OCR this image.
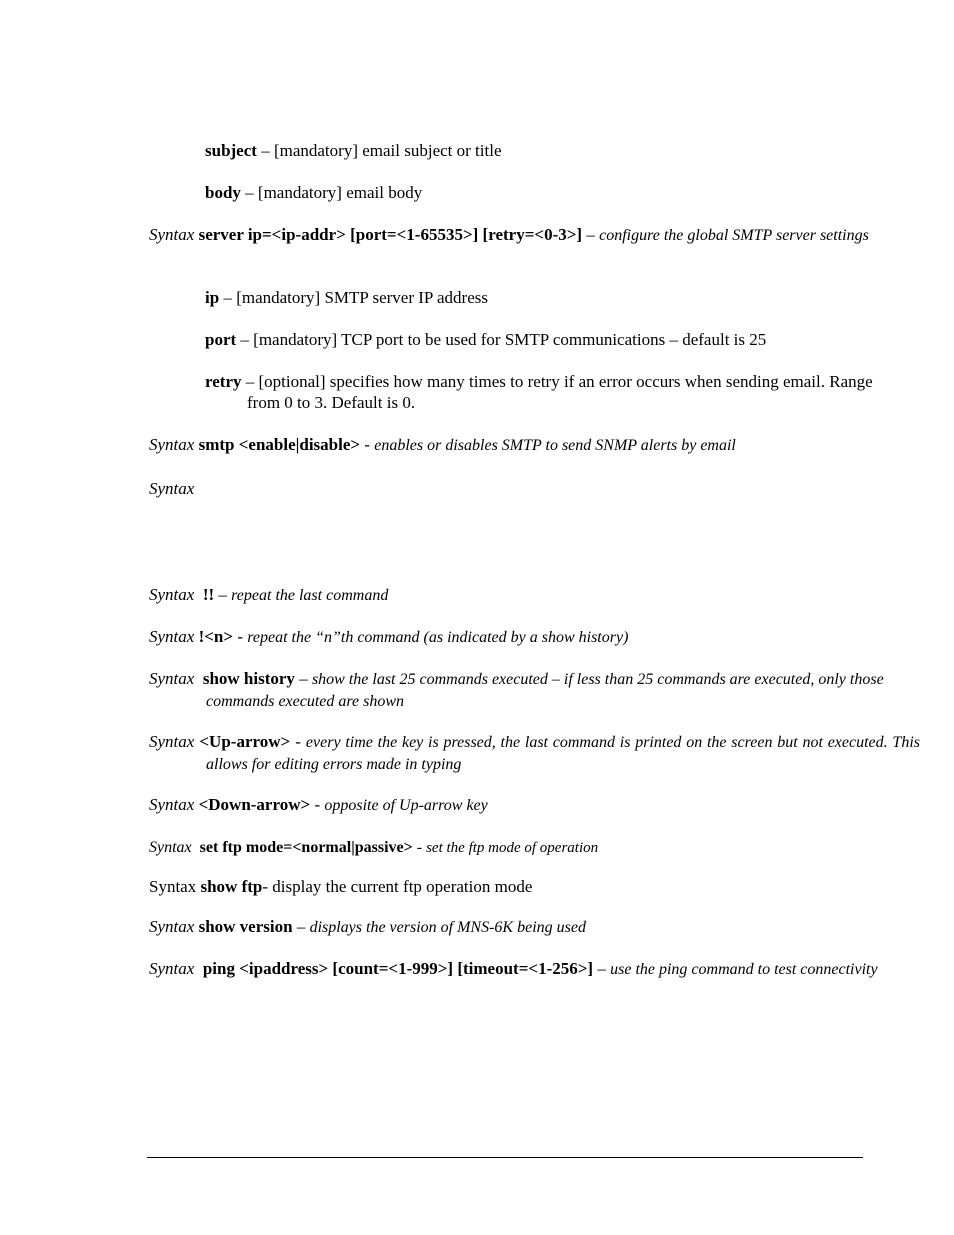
subject – [mandatory] email subject or title
body – [mandatory] email body
Syntax server ip=<ip-addr> [port=<1-65535>] [retry=<0-3>] – configure the global SMTP server settings
ip – [mandatory] SMTP server IP address
port – [mandatory] TCP port to be used for SMTP communications – default is 25
retry – [optional] specifies how many times to retry if an error occurs when sending email. Range from 0 to 3. Default is 0.
Syntax smtp <enable|disable> - enables or disables SMTP to send SNMP alerts by email
Syntax
Syntax !! – repeat the last command
Syntax !<n> - repeat the “n”th command (as indicated by a show history)
Syntax show history – show the last 25 commands executed – if less than 25 commands are executed, only those commands executed are shown
Syntax <Up-arrow> - every time the key is pressed, the last command is printed on the screen but not executed. This allows for editing errors made in typing
Syntax <Down-arrow> - opposite of Up-arrow key
Syntax set ftp mode=<normal|passive> - set the ftp mode of operation
Syntax show ftp- display the current ftp operation mode
Syntax show version – displays the version of MNS-6K being used
Syntax ping <ipaddress> [count=<1-999>] [timeout=<1-256>] – use the ping command to test connectivity
